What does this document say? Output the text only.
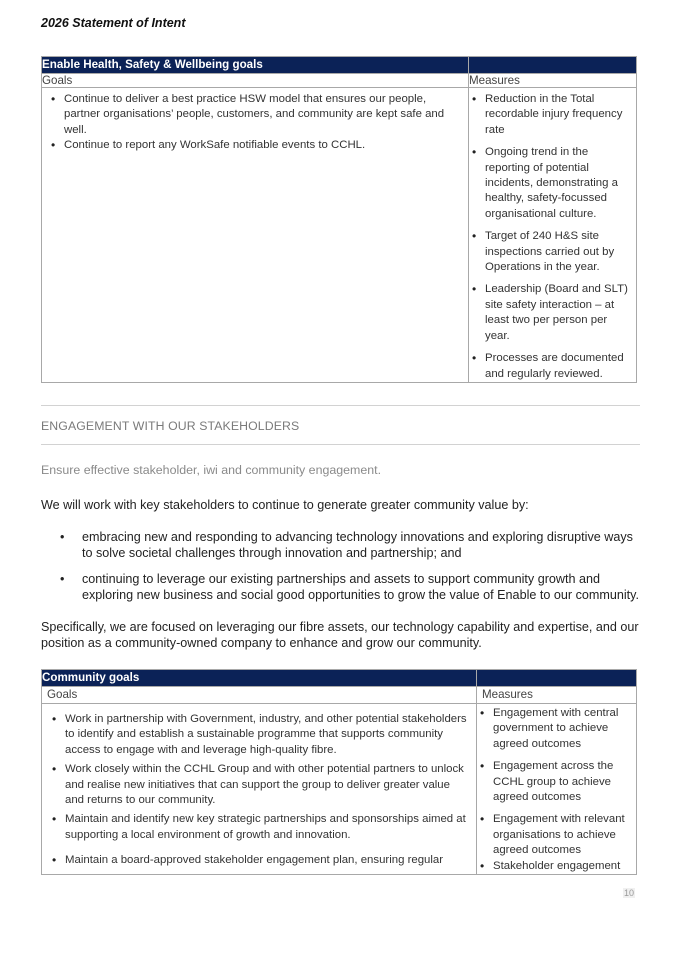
2026 Statement of Intent
Enable Health, Safety & Wellbeing goals	
Goals	Measures

• Continue to deliver a best practice HSW model that ensures our people, partner organisations’ people, customers, and community are kept safe and well.
• Continue to report any WorkSafe notifiable events to CCHL.

• Reduction in the Total recordable injury frequency rate
• Ongoing trend in the reporting of potential incidents, demonstrating a healthy, safety-focussed organisational culture.
• Target of 240 H&S site inspections carried out by Operations in the year.
• Leadership (Board and SLT) site safety interaction – at least two per person per year.
• Processes are documented and regularly reviewed.
ENGAGEMENT WITH OUR STAKEHOLDERS
Ensure effective stakeholder, iwi and community engagement.
We will work with key stakeholders to continue to generate greater community value by:
• embracing new and responding to advancing technology innovations and exploring disruptive ways to solve societal challenges through innovation and partnership; and
• continuing to leverage our existing partnerships and assets to support community growth and exploring new business and social good opportunities to grow the value of Enable to our community.
Specifically, we are focused on leveraging our fibre assets, our technology capability and expertise, and our position as a community-owned company to enhance and grow our community.
Community goals	
Goals	Measures

• Work in partnership with Government, industry, and other potential stakeholders to identify and establish a sustainable programme that supports community access to engage with and leverage high-quality fibre.
• Work closely within the CCHL Group and with other potential partners to unlock and realise new initiatives that can support the group to deliver greater value and returns to our community.
• Maintain and identify new key strategic partnerships and sponsorships aimed at supporting a local environment of growth and innovation.
• Maintain a board-approved stakeholder engagement plan, ensuring regular

• Engagement with central government to achieve agreed outcomes
• Engagement across the CCHL group to achieve agreed outcomes
• Engagement with relevant organisations to achieve agreed outcomes
• Stakeholder engagement
10
